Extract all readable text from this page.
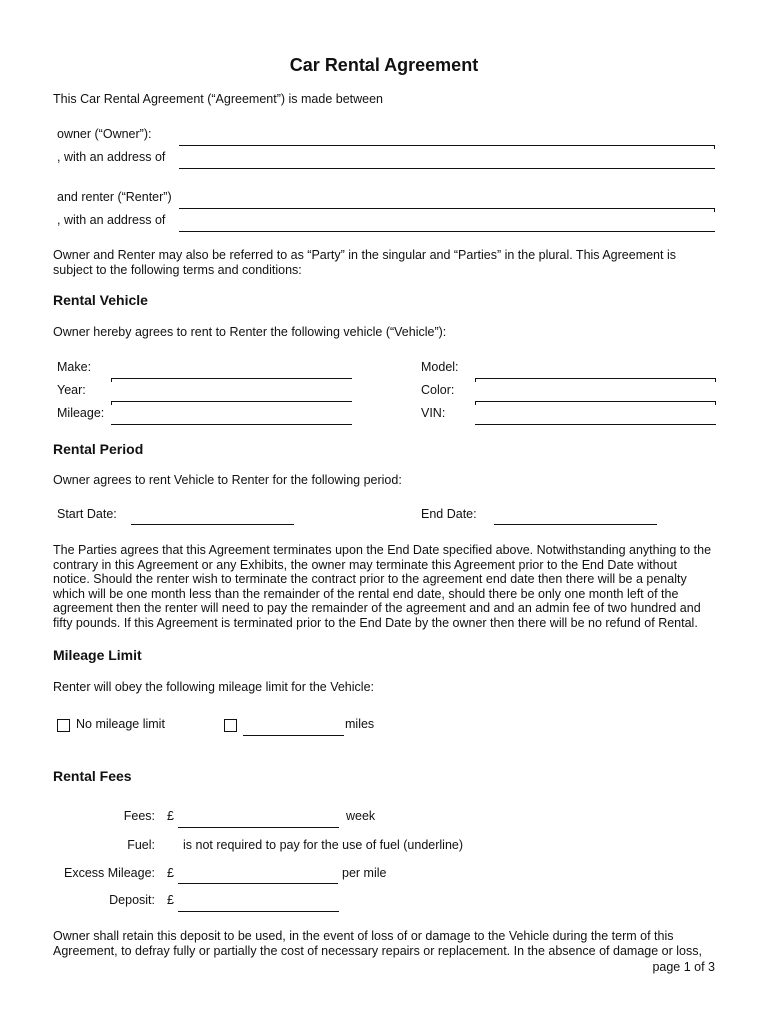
Car Rental Agreement
This Car Rental Agreement (“Agreement”) is made between
owner (“Owner”):
, with an address of
and renter (“Renter”)
, with an address of
Owner and Renter may also be referred to as “Party” in the singular and “Parties” in the plural. This Agreement is subject to the following terms and conditions:
Rental Vehicle
Owner hereby agrees to rent to Renter the following vehicle (“Vehicle”):
Make:	Model:
Year:	Color:
Mileage:	VIN:
Rental Period
Owner agrees to rent Vehicle to Renter for the following period:
Start Date:	End Date:
The Parties agrees that this Agreement terminates upon the End Date specified above. Notwithstanding anything to the contrary in this Agreement or any Exhibits, the owner may terminate this Agreement prior to the End Date without notice. Should the renter wish to terminate the contract prior to the agreement end date then there will be a penalty which will be one month less than the remainder of the rental end date, should there be only one month left of the agreement then the renter will need to pay the remainder of the agreement and and an admin fee of two hundred and fifty pounds. If this Agreement is terminated prior to the End Date by the owner then there will be no refund of Rental.
Mileage Limit
Renter will obey the following mileage limit for the Vehicle:
No mileage limit	miles
Rental Fees
Fees: £	week
Fuel: is not required to pay for the use of fuel (underline)
Excess Mileage: £	per mile
Deposit: £
Owner shall retain this deposit to be used, in the event of loss of or damage to the Vehicle during the term of this Agreement, to defray fully or partially the cost of necessary repairs or replacement. In the absence of damage or loss,
page 1 of 3
